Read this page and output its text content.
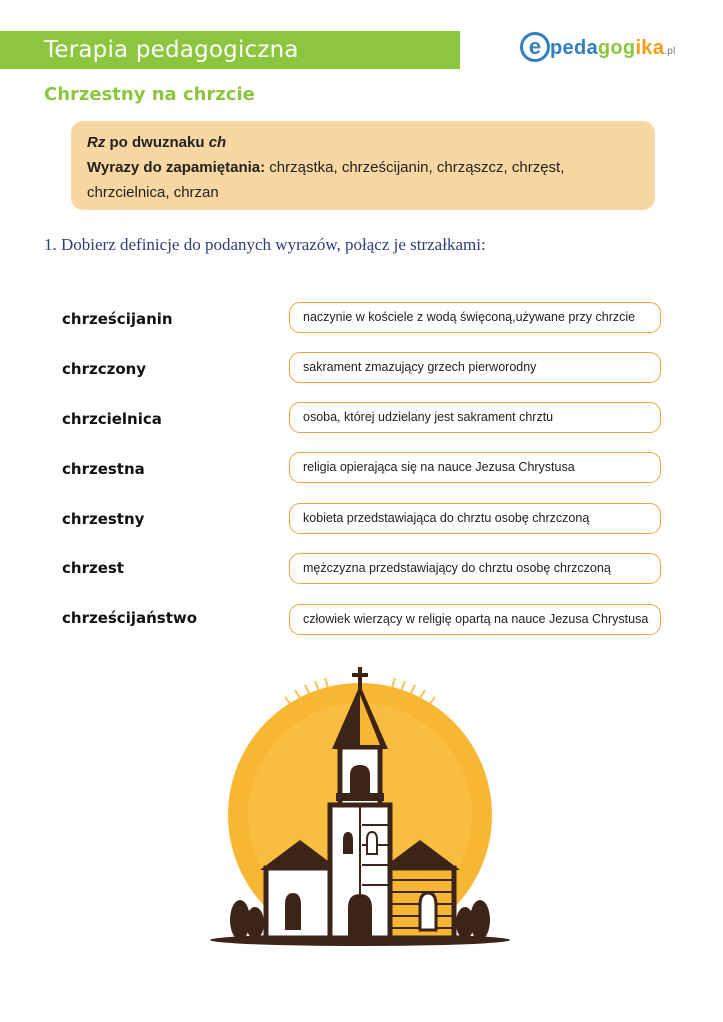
Terapia pedagogiczna	e pedagogika.pl
Chrzestny na chrzcie
Rz po dwuznaku ch
Wyrazy do zapamiętania: chrząstka, chrześcijanin, chrząszcz, chrzęst,
chrzcielnica, chrzan
1. Dobierz definicje do podanych wyrazów, połącz je strzałkami:
chrześcijanin
chrzczony
chrzcielnica
chrzestna
chrzestny
chrzest
chrześcijaństwo
naczynie w kościele z wodą święconą,używane przy chrzcie
sakrament zmazujący grzech pierworodny
osoba, której udzielany jest sakrament chrztu
religia opierająca się na nauce Jezusa Chrystusa
kobieta przedstawiająca do chrztu osobę chrzczoną
mężczyzna przedstawiający do chrztu osobę chrzczoną
człowiek wierzący w religię opartą na nauce Jezusa Chrystusa
